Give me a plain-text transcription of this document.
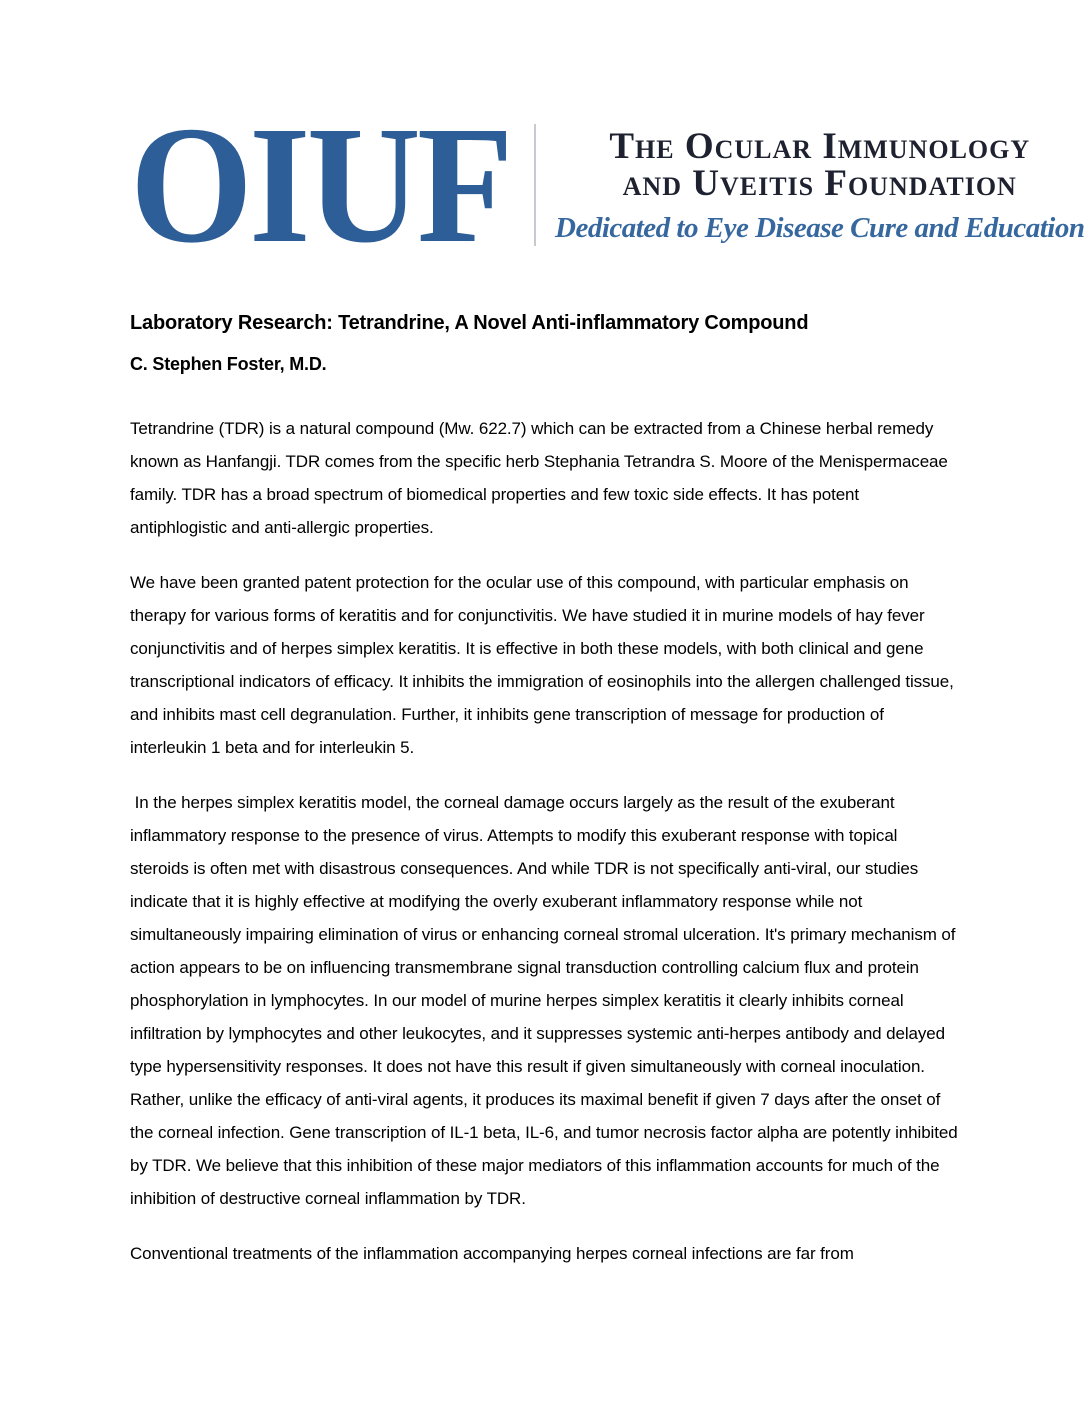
OIUF	The Ocular Immunology
and Uveitis Foundation
Dedicated to Eye Disease Cure and Education
Laboratory Research: Tetrandrine, A Novel Anti-inflammatory Compound

C. Stephen Foster, M.D.

Tetrandrine (TDR) is a natural compound (Mw. 622.7) which can be extracted from a Chinese herbal remedy known as Hanfangji. TDR comes from the specific herb Stephania Tetrandra S. Moore of the Menispermaceae family. TDR has a broad spectrum of biomedical properties and few toxic side effects. It has potent antiphlogistic and anti-allergic properties.

We have been granted patent protection for the ocular use of this compound, with particular emphasis on therapy for various forms of keratitis and for conjunctivitis. We have studied it in murine models of hay fever conjunctivitis and of herpes simplex keratitis. It is effective in both these models, with both clinical and gene transcriptional indicators of efficacy. It inhibits the immigration of eosinophils into the allergen challenged tissue, and inhibits mast cell degranulation. Further, it inhibits gene transcription of message for production of interleukin 1 beta and for interleukin 5.

In the herpes simplex keratitis model, the corneal damage occurs largely as the result of the exuberant inflammatory response to the presence of virus. Attempts to modify this exuberant response with topical steroids is often met with disastrous consequences. And while TDR is not specifically anti-viral, our studies indicate that it is highly effective at modifying the overly exuberant inflammatory response while not simultaneously impairing elimination of virus or enhancing corneal stromal ulceration. It's primary mechanism of action appears to be on influencing transmembrane signal transduction controlling calcium flux and protein phosphorylation in lymphocytes. In our model of murine herpes simplex keratitis it clearly inhibits corneal infiltration by lymphocytes and other leukocytes, and it suppresses systemic anti-herpes antibody and delayed type hypersensitivity responses. It does not have this result if given simultaneously with corneal inoculation. Rather, unlike the efficacy of anti-viral agents, it produces its maximal benefit if given 7 days after the onset of the corneal infection. Gene transcription of IL-1 beta, IL-6, and tumor necrosis factor alpha are potently inhibited by TDR. We believe that this inhibition of these major mediators of this inflammation accounts for much of the inhibition of destructive corneal inflammation by TDR.

Conventional treatments of the inflammation accompanying herpes corneal infections are far from
